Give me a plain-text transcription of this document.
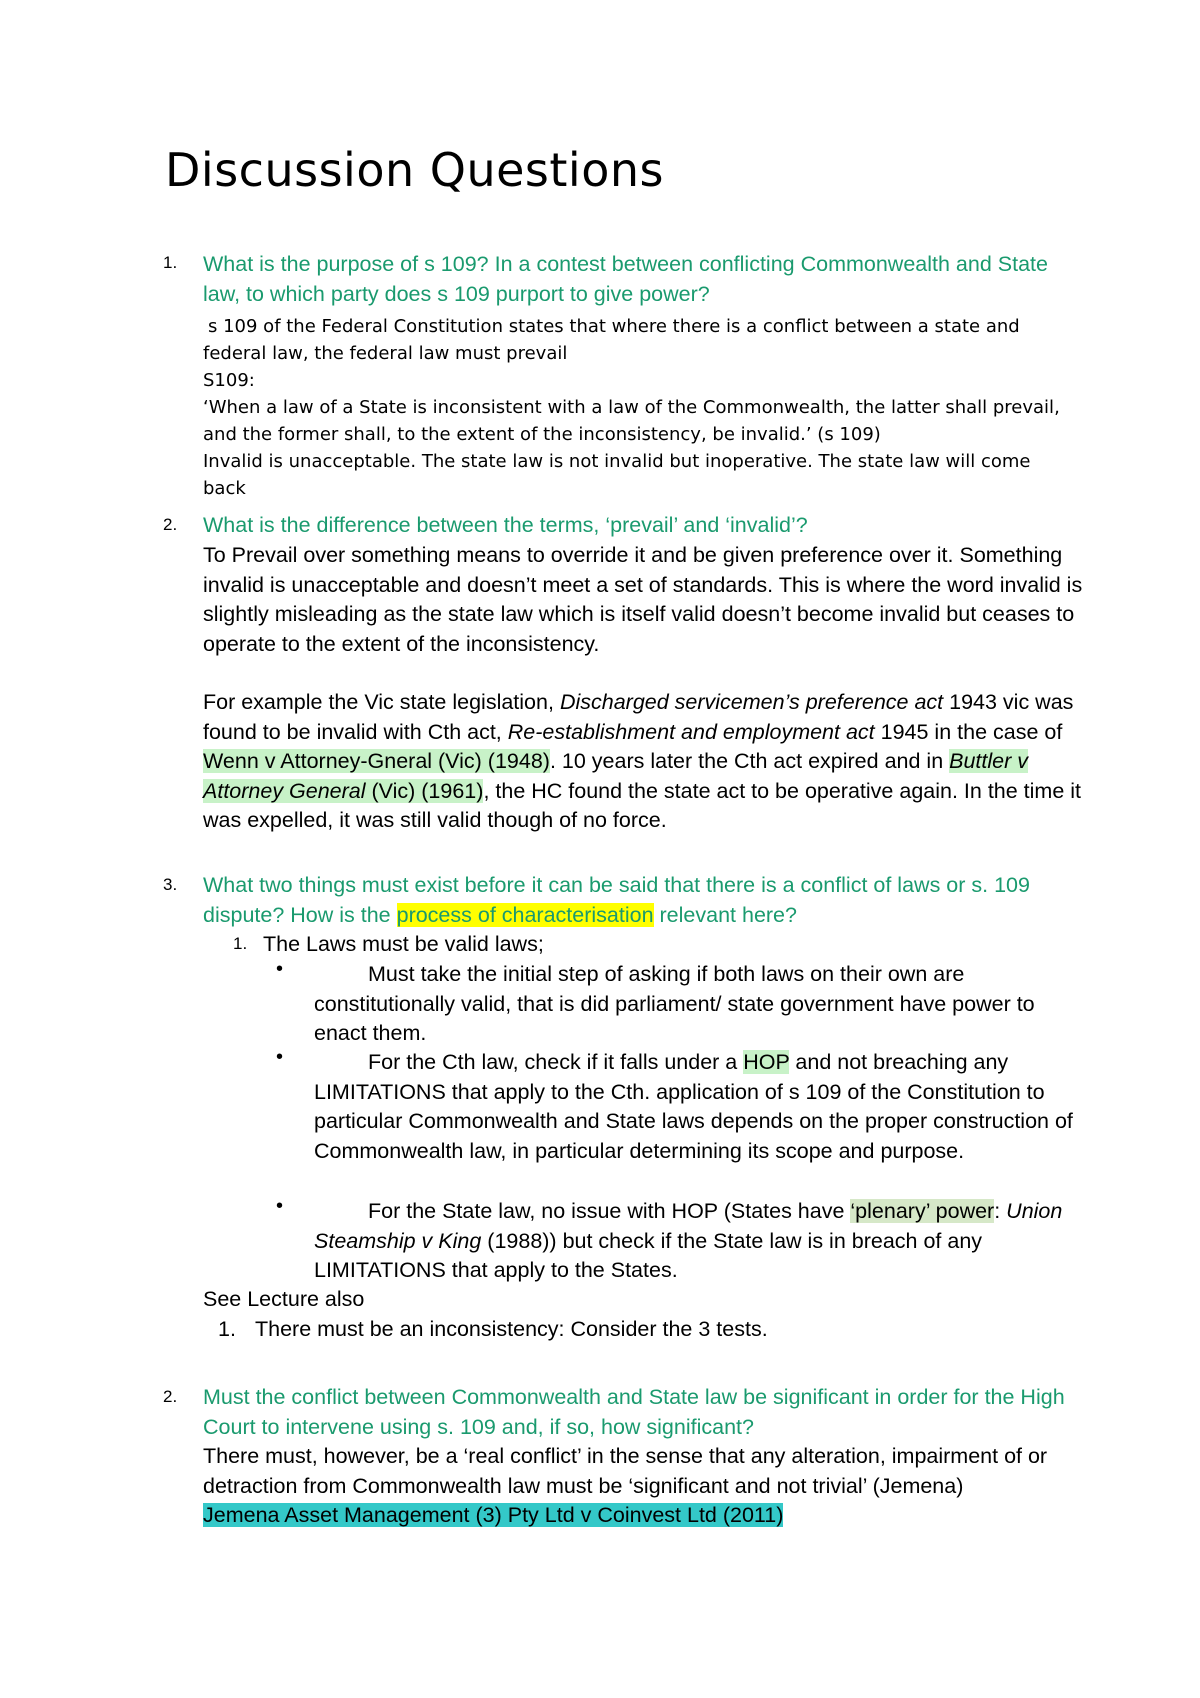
Discussion Questions
1. What is the purpose of s 109? In a contest between conflicting Commonwealth and State law, to which party does s 109 purport to give power?
s 109 of the Federal Constitution states that where there is a conflict between a state and
federal law, the federal law must prevail
S109:
‘When a law of a State is inconsistent with a law of the Commonwealth, the latter shall prevail,
and the former shall, to the extent of the inconsistency, be invalid.’ (s 109)
Invalid is unacceptable. The state law is not invalid but inoperative. The state law will come
back
2. What is the difference between the terms, ‘prevail’ and ‘invalid’?
To Prevail over something means to override it and be given preference over it. Something invalid is unacceptable and doesn’t meet a set of standards. This is where the word invalid is slightly misleading as the state law which is itself valid doesn’t become invalid but ceases to operate to the extent of the inconsistency.
For example the Vic state legislation, Discharged servicemen’s preference act 1943 vic was found to be invalid with Cth act, Re-establishment and employment act 1945 in the case of Wenn v Attorney-Gneral (Vic) (1948). 10 years later the Cth act expired and in Buttler v Attorney General (Vic) (1961), the HC found the state act to be operative again. In the time it was expelled, it was still valid though of no force.
3. What two things must exist before it can be said that there is a conflict of laws or s. 109 dispute? How is the process of characterisation relevant here?
1. The Laws must be valid laws;
•	Must take the initial step of asking if both laws on their own are constitutionally valid, that is did parliament/ state government have power to enact them.
•	For the Cth law, check if it falls under a HOP and not breaching any LIMITATIONS that apply to the Cth. application of s 109 of the Constitution to particular Commonwealth and State laws depends on the proper construction of Commonwealth law, in particular determining its scope and purpose.
•	For the State law, no issue with HOP (States have ‘plenary’ power: Union Steamship v King (1988)) but check if the State law is in breach of any LIMITATIONS that apply to the States.
See Lecture also
1. There must be an inconsistency: Consider the 3 tests.
2. Must the conflict between Commonwealth and State law be significant in order for the High Court to intervene using s. 109 and, if so, how significant?
There must, however, be a ‘real conflict’ in the sense that any alteration, impairment of or detraction from Commonwealth law must be ‘significant and not trivial’ (Jemena)
Jemena Asset Management (3) Pty Ltd v Coinvest Ltd (2011)
